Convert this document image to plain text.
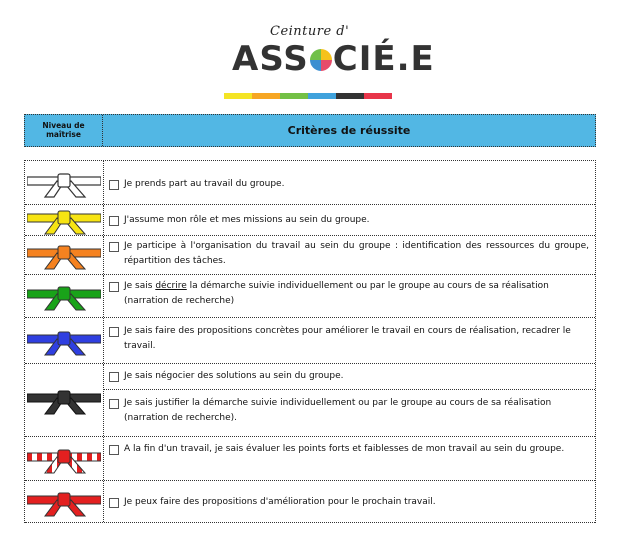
Ceinture d'
ASS CIÉ.E
Niveau de maîtrise	Critères de réussite
Je prends part au travail du groupe.
J'assume mon rôle et mes missions au sein du groupe.
Je participe à l'organisation du travail au sein du groupe : identification des ressources du groupe, répartition des tâches.
Je sais décrire la démarche suivie individuellement ou par le groupe au cours de sa réalisation (narration de recherche)
Je sais faire des propositions concrètes pour améliorer le travail en cours de réalisation, recadrer le travail.
Je sais négocier des solutions au sein du groupe.
Je sais justifier la démarche suivie individuellement ou par le groupe au cours de sa réalisation (narration de recherche).
A la fin d'un travail, je sais évaluer les points forts et faiblesses de mon travail au sein du groupe.
Je peux faire des propositions d'amélioration pour le prochain travail.
